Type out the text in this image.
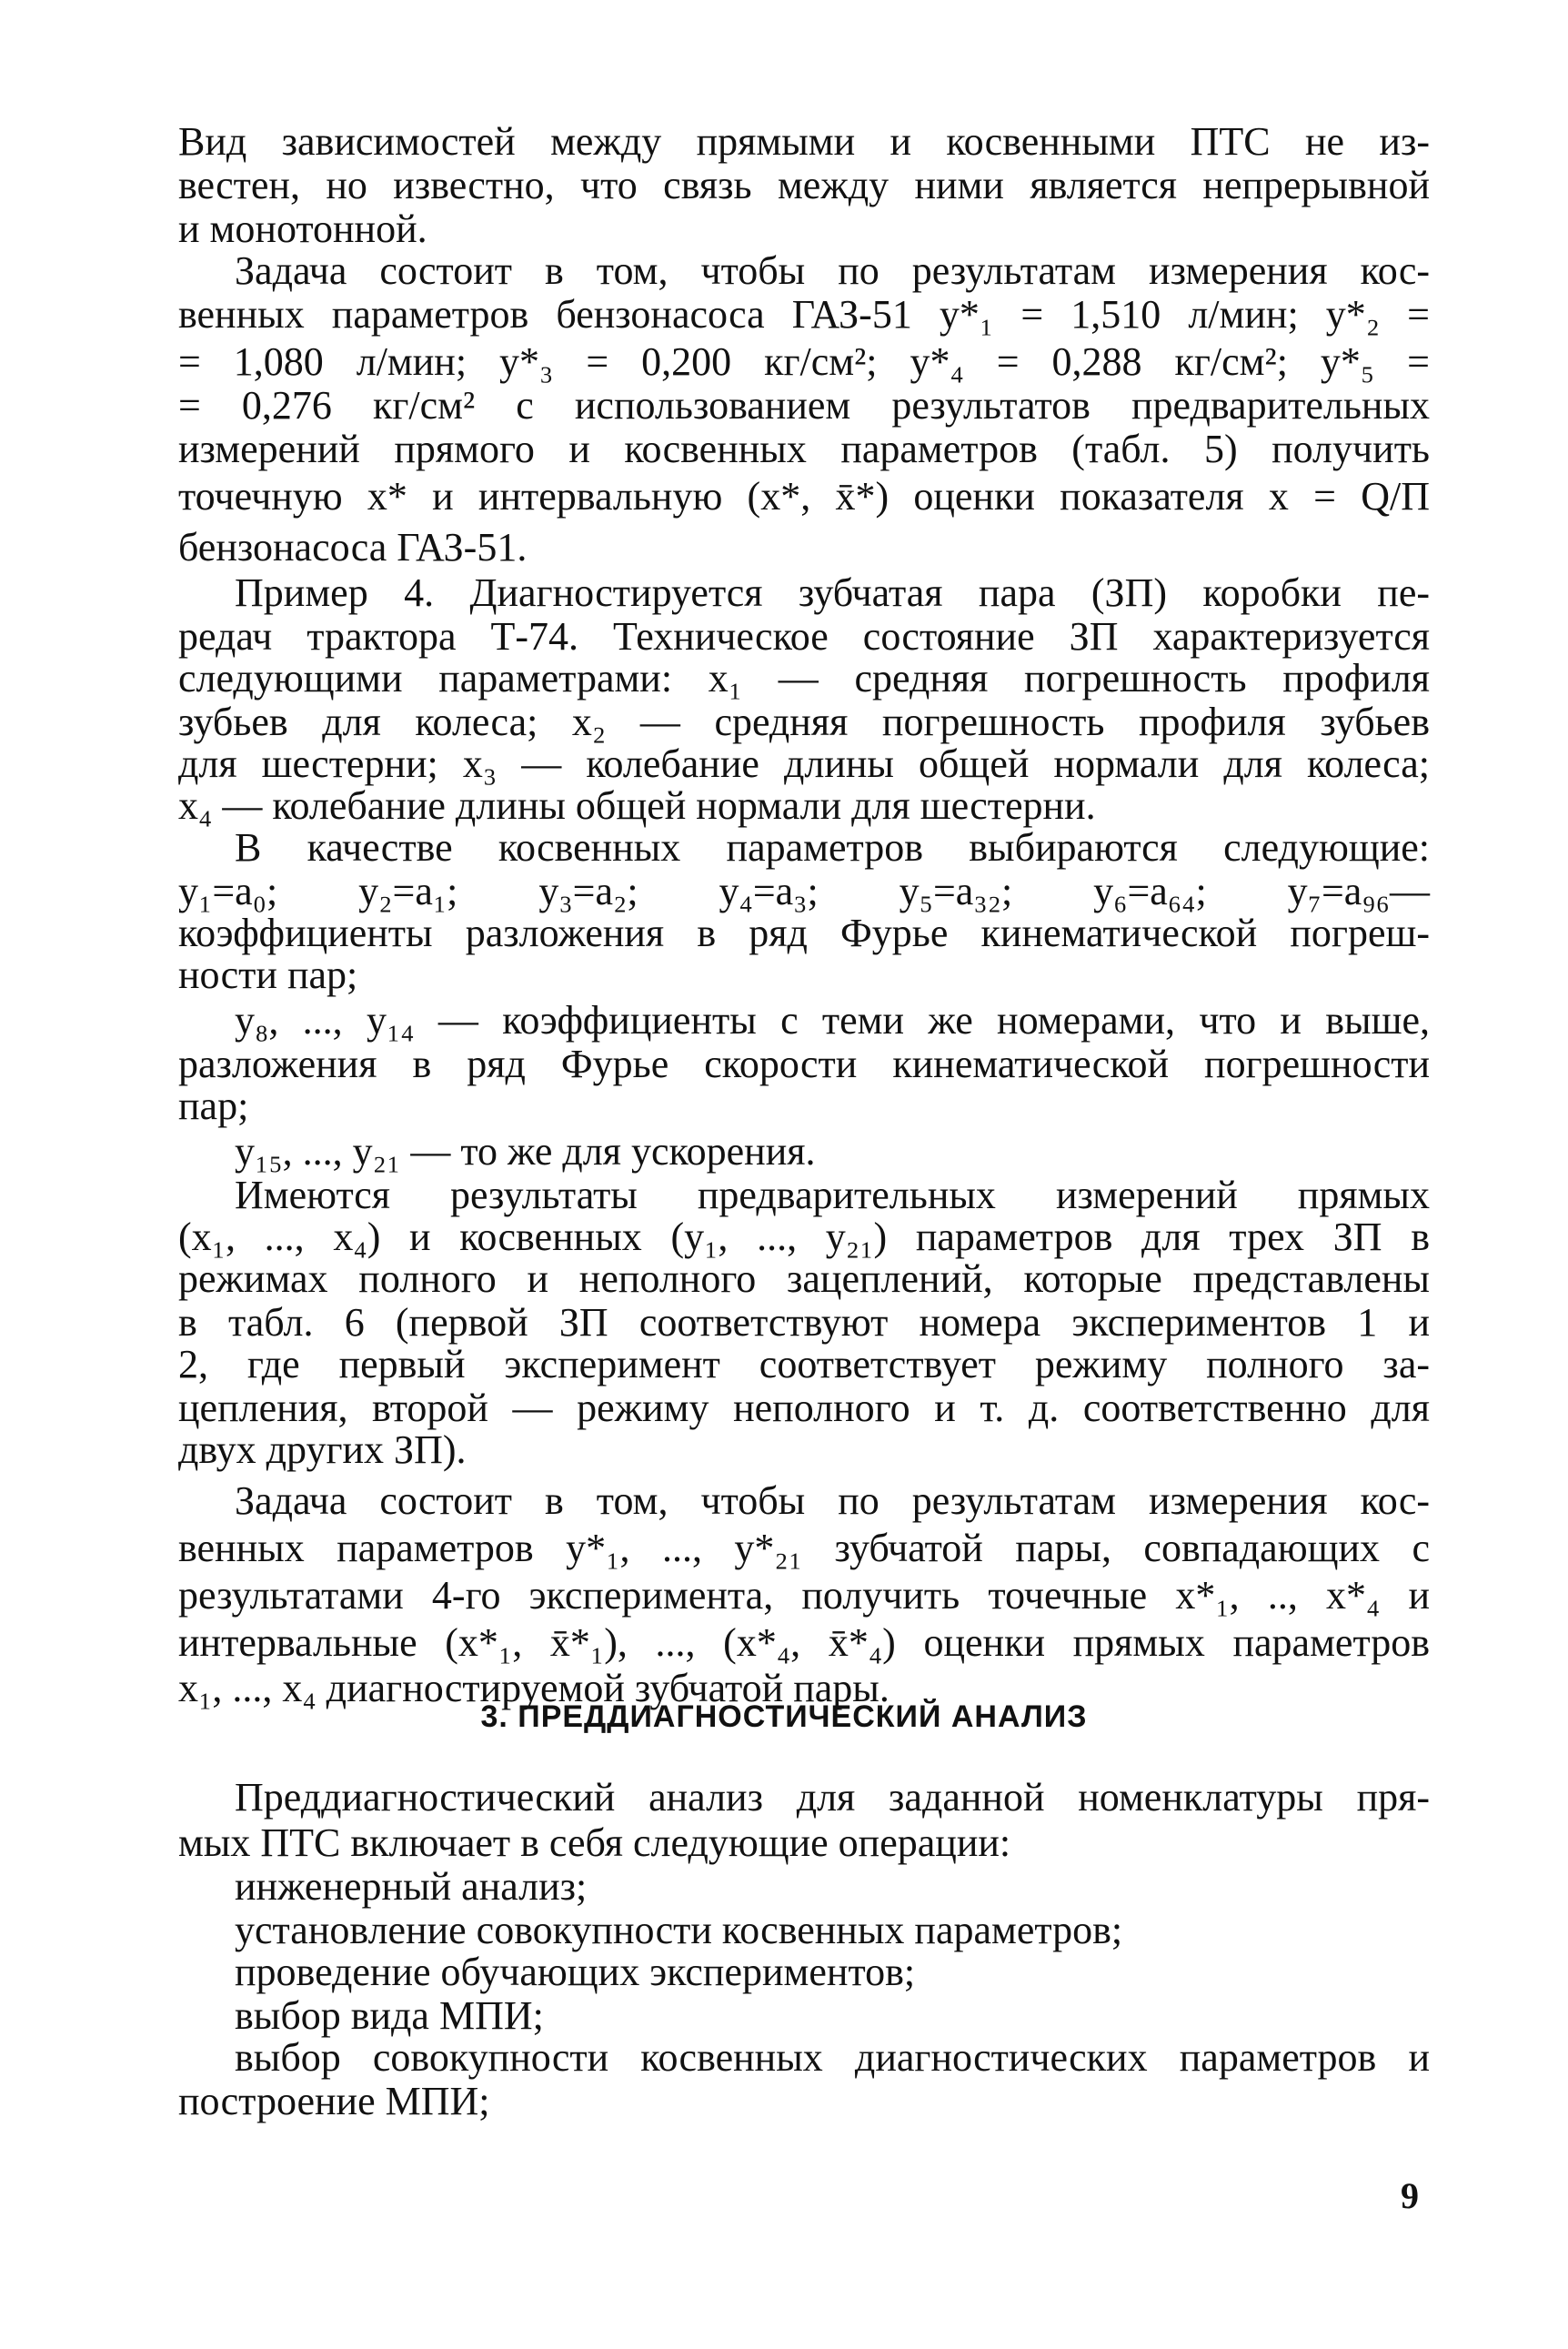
Вид зависимостей между прямыми и косвенными ПТС не из-
вестен, но известно, что связь между ними является непрерывной
и монотонной.
Задача состоит в том, чтобы по результатам измерения кос-
венных параметров бензонасоса ГАЗ-51 y*₁ = 1,510 л/мин; y*₂ =
= 1,080 л/мин; y*₃ = 0,200 кг/см²; y*₄ = 0,288 кг/см²; y*₅ =
= 0,276 кг/см² с использованием результатов предварительных
измерений прямого и косвенных параметров (табл. 5) получить
точечную x* и интервальную (x*, x̄*) оценки показателя x = Q/П
бензонасоса ГАЗ-51.
Пример 4. Диагностируется зубчатая пара (ЗП) коробки пе-
редач трактора Т-74. Техническое состояние ЗП характеризуется
следующими параметрами: x₁ — средняя погрешность профиля
зубьев для колеса; x₂ — средняя погрешность профиля зубьев
для шестерни; x₃ — колебание длины общей нормали для колеса;
x₄ — колебание длины общей нормали для шестерни.
В качестве косвенных параметров выбираются следующие:
y₁=a₀; y₂=a₁; y₃=a₂; y₄=a₃; y₅=a₃₂; y₆=a₆₄; y₇=a₉₆—
коэффициенты разложения в ряд Фурье кинематической погреш-
ности пар;
y₈, ..., y₁₄ — коэффициенты с теми же номерами, что и выше,
разложения в ряд Фурье скорости кинематической погрешности
пар;
y₁₅, ..., y₂₁ — то же для ускорения.
Имеются результаты предварительных измерений прямых
(x₁, ..., x₄) и косвенных (y₁, ..., y₂₁) параметров для трех ЗП в
режимах полного и неполного зацеплений, которые представлены
в табл. 6 (первой ЗП соответствуют номера экспериментов 1 и
2, где первый эксперимент соответствует режиму полного за-
цепления, второй — режиму неполного и т. д. соответственно для
двух других ЗП).
Задача состоит в том, чтобы по результатам измерения кос-
венных параметров y*₁, ..., y*₂₁ зубчатой пары, совпадающих с
результатами 4-го эксперимента, получить точечные x*₁, .., x*₄ и
интервальные (x*₁, x̄*₁), ..., (x*₄, x̄*₄) оценки прямых параметров
x₁, ..., x₄ диагностируемой зубчатой пары.
3. ПРЕДДИАГНОСТИЧЕСКИЙ АНАЛИЗ
Преддиагностический анализ для заданной номенклатуры пря-
мых ПТС включает в себя следующие операции:
инженерный анализ;
установление совокупности косвенных параметров;
проведение обучающих экспериментов;
выбор вида МПИ;
выбор совокупности косвенных диагностических параметров и
построение МПИ;
9
